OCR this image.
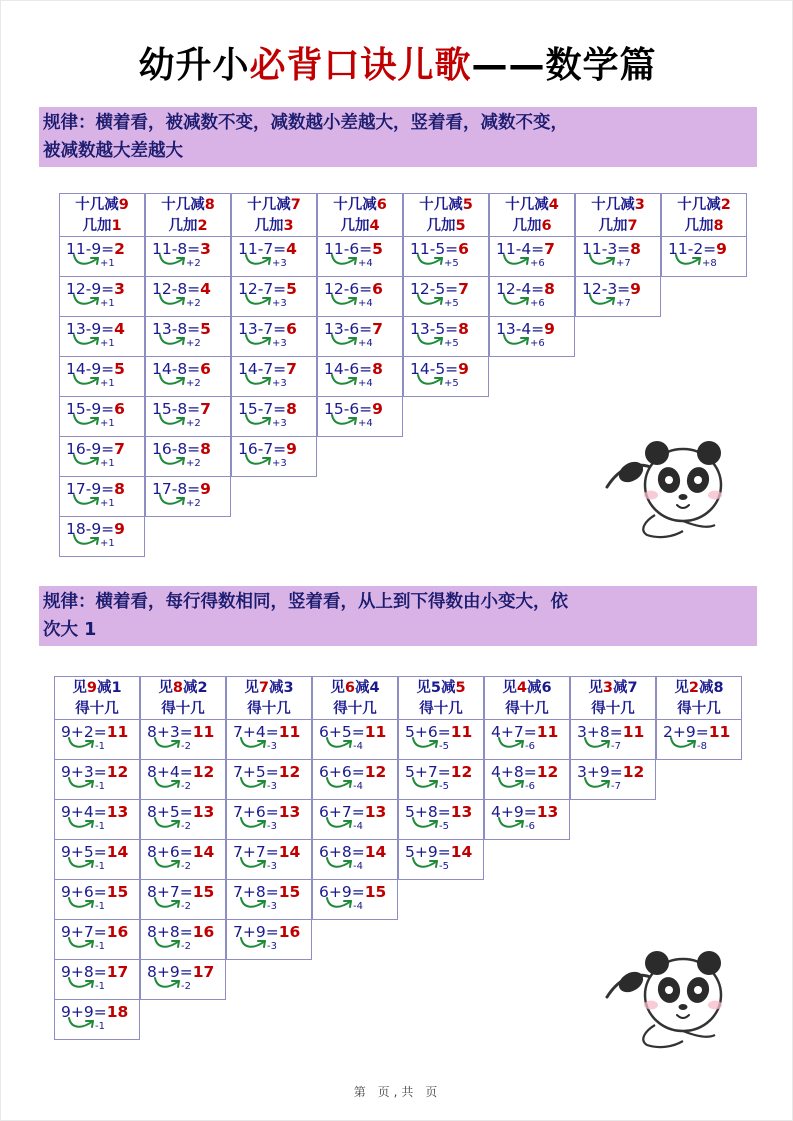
幼升小必背口诀儿歌——数学篇
规律：横着看，被减数不变，减数越小差越大，竖着看，减数不变，
被减数越大差越大
十几减9
几加1
11-9=2
+1
12-9=3
+1
13-9=4
+1
14-9=5
+1
15-9=6
+1
16-9=7
+1
17-9=8
+1
18-9=9
+1
十几减8
几加2
11-8=3
+2
12-8=4
+2
13-8=5
+2
14-8=6
+2
15-8=7
+2
16-8=8
+2
17-8=9
+2
十几减7
几加3
11-7=4
+3
12-7=5
+3
13-7=6
+3
14-7=7
+3
15-7=8
+3
16-7=9
+3
十几减6
几加4
11-6=5
+4
12-6=6
+4
13-6=7
+4
14-6=8
+4
15-6=9
+4
十几减5
几加5
11-5=6
+5
12-5=7
+5
13-5=8
+5
14-5=9
+5
十几减4
几加6
11-4=7
+6
12-4=8
+6
13-4=9
+6
十几减3
几加7
11-3=8
+7
12-3=9
+7
十几减2
几加8
11-2=9
+8
规律：横着看，每行得数相同，竖着看，从上到下得数由小变大，依
次大 1
见9减1
得十几
9+2=11
-1
9+3=12
-1
9+4=13
-1
9+5=14
-1
9+6=15
-1
9+7=16
-1
9+8=17
-1
9+9=18
-1
见8减2
得十几
8+3=11
-2
8+4=12
-2
8+5=13
-2
8+6=14
-2
8+7=15
-2
8+8=16
-2
8+9=17
-2
见7减3
得十几
7+4=11
-3
7+5=12
-3
7+6=13
-3
7+7=14
-3
7+8=15
-3
7+9=16
-3
见6减4
得十几
6+5=11
-4
6+6=12
-4
6+7=13
-4
6+8=14
-4
6+9=15
-4
见5减5
得十几
5+6=11
-5
5+7=12
-5
5+8=13
-5
5+9=14
-5
见4减6
得十几
4+7=11
-6
4+8=12
-6
4+9=13
-6
见3减7
得十几
3+8=11
-7
3+9=12
-7
见2减8
得十几
2+9=11
-8
第 页,共 页
